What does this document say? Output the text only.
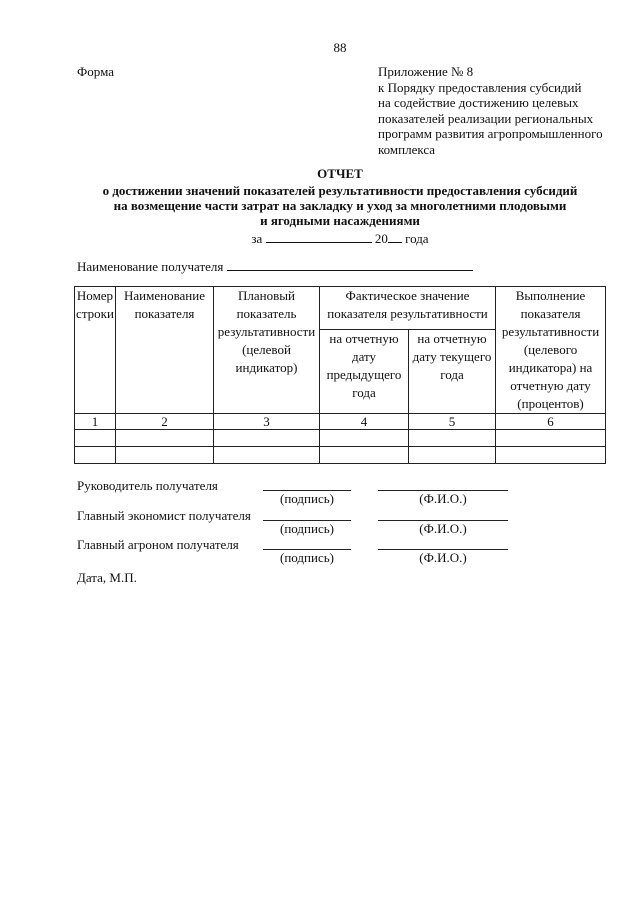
88
Форма	Приложение № 8
к Порядку предоставления субсидий
на содействие достижению целевых
показателей реализации региональных
программ развития агропромышленного
комплекса
ОТЧЕТ
о достижении значений показателей результативности предоставления субсидий
на возмещение части затрат на закладку и уход за многолетними плодовыми
и ягодными насаждениями
за	20 года
Наименование получателя
Номер строки	Наименование показателя	Плановый показатель результативности (целевой индикатор)	Фактическое значение показателя результативности		Выполнение показателя результативности (целевого индикатора) на отчетную дату (процентов)
			на отчетную дату предыдущего года	на отчетную дату текущего года	
1	2	3	4	5	6

Руководитель получателя
(подпись)	(Ф.И.О.)
Главный экономист получателя
(подпись)	(Ф.И.О.)
Главный агроном получателя
(подпись)	(Ф.И.О.)
Дата, М.П.
